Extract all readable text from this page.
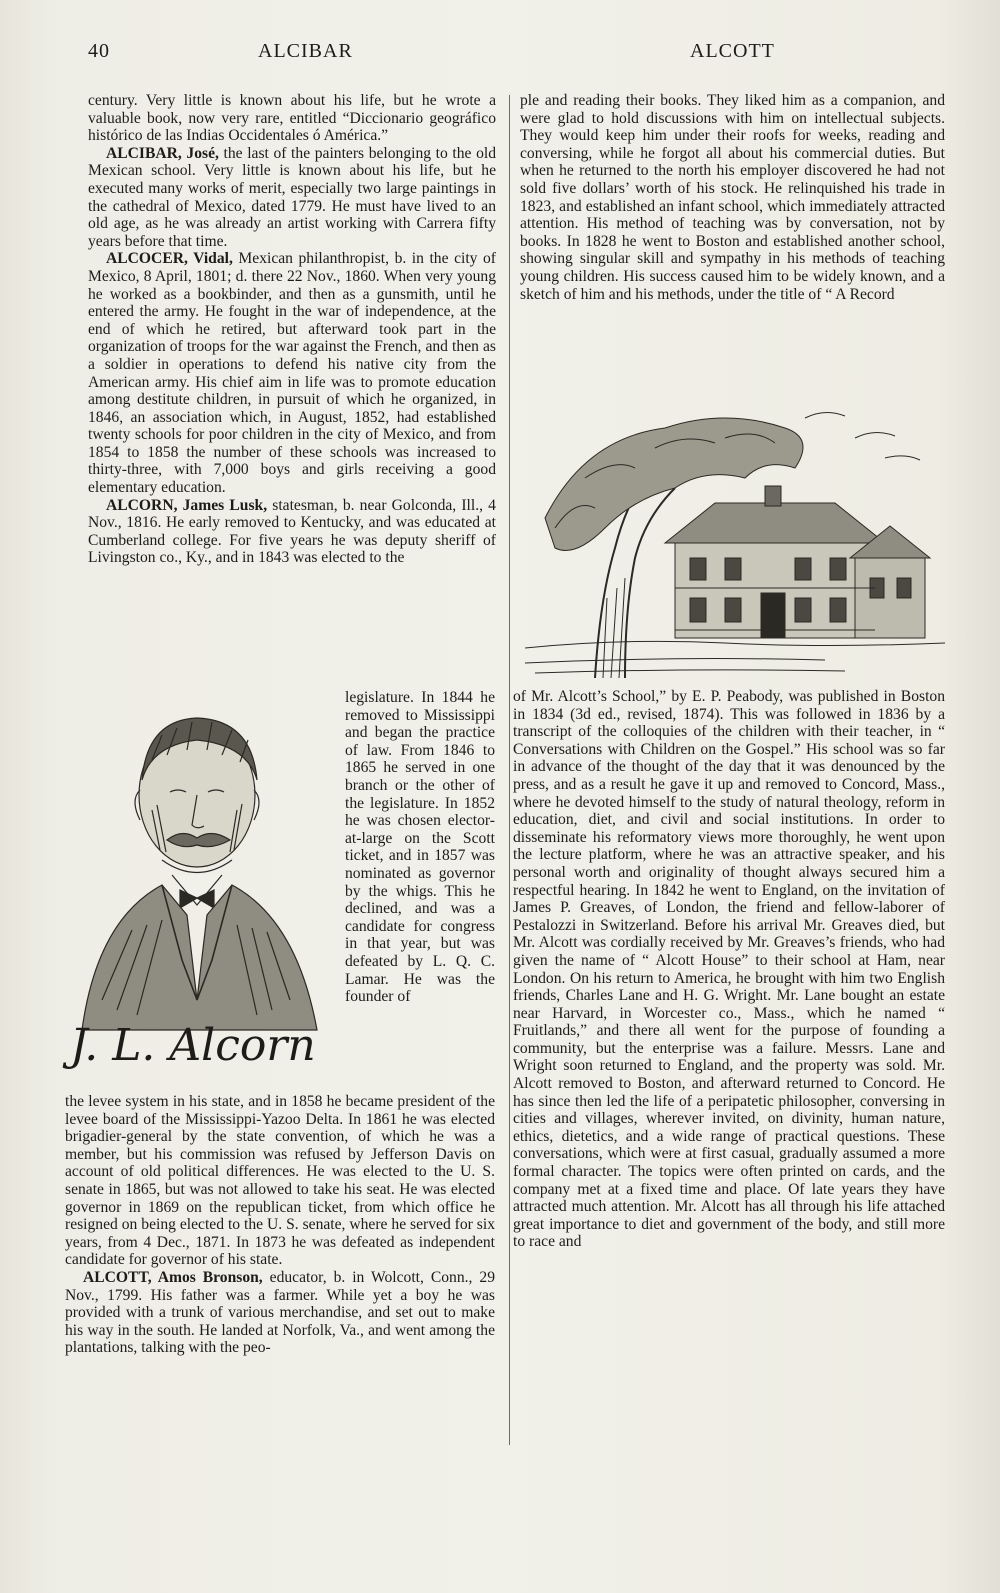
40	ALCIBAR	ALCOTT

century. Very little is known about his life, but he wrote a valuable book, now very rare, entitled “Diccionario geográfico histórico de las Indias Occidentales ó América.”

ALCIBAR, José, the last of the painters belonging to the old Mexican school. Very little is known about his life, but he executed many works of merit, especially two large paintings in the cathedral of Mexico, dated 1779. He must have lived to an old age, as he was already an artist working with Carrera fifty years before that time.

ALCOCER, Vidal, Mexican philanthropist, b. in the city of Mexico, 8 April, 1801; d. there 22 Nov., 1860. When very young he worked as a bookbinder, and then as a gunsmith, until he entered the army. He fought in the war of independence, at the end of which he retired, but afterward took part in the organization of troops for the war against the French, and then as a soldier in operations to defend his native city from the American army. His chief aim in life was to promote education among destitute children, in pursuit of which he organized, in 1846, an association which, in August, 1852, had established twenty schools for poor children in the city of Mexico, and from 1854 to 1858 the number of these schools was increased to thirty-three, with 7,000 boys and girls receiving a good elementary education.

ALCORN, James Lusk, statesman, b. near Golconda, Ill., 4 Nov., 1816. He early removed to Kentucky, and was educated at Cumberland college. For five years he was deputy sheriff of Livingston co., Ky., and in 1843 was elected to the

J. L. Alcorn
legislature. In 1844 he removed to Mississippi and began the practice of law. From 1846 to 1865 he served in one branch or the other of the legislature. In 1852 he was chosen elector-at-large on the Scott ticket, and in 1857 was nominated as governor by the whigs. This he declined, and was a candidate for congress in that year, but was defeated by L. Q. C. Lamar. He was the founder of

the levee system in his state, and in 1858 he became president of the levee board of the Mississippi-Yazoo Delta. In 1861 he was elected brigadier-general by the state convention, of which he was a member, but his commission was refused by Jefferson Davis on account of old political differences. He was elected to the U. S. senate in 1865, but was not allowed to take his seat. He was elected governor in 1869 on the republican ticket, from which office he resigned on being elected to the U. S. senate, where he served for six years, from 4 Dec., 1871. In 1873 he was defeated as independent candidate for governor of his state.

ALCOTT, Amos Bronson, educator, b. in Wolcott, Conn., 29 Nov., 1799. His father was a farmer. While yet a boy he was provided with a trunk of various merchandise, and set out to make his way in the south. He landed at Norfolk, Va., and went among the plantations, talking with the peo-

ple and reading their books. They liked him as a companion, and were glad to hold discussions with him on intellectual subjects. They would keep him under their roofs for weeks, reading and conversing, while he forgot all about his commercial duties. But when he returned to the north his employer discovered he had not sold five dollars’ worth of his stock. He relinquished his trade in 1823, and established an infant school, which immediately attracted attention. His method of teaching was by conversation, not by books. In 1828 he went to Boston and established another school, showing singular skill and sympathy in his methods of teaching young children. His success caused him to be widely known, and a sketch of him and his methods, under the title of “ A Record
of Mr. Alcott’s School,” by E. P. Peabody, was published in Boston in 1834 (3d ed., revised, 1874). This was followed in 1836 by a transcript of the colloquies of the children with their teacher, in “ Conversations with Children on the Gospel.” His school was so far in advance of the thought of the day that it was denounced by the press, and as a result he gave it up and removed to Concord, Mass., where he devoted himself to the study of natural theology, reform in education, diet, and civil and social institutions. In order to disseminate his reformatory views more thoroughly, he went upon the lecture platform, where he was an attractive speaker, and his personal worth and originality of thought always secured him a respectful hearing. In 1842 he went to England, on the invitation of James P. Greaves, of London, the friend and fellow-laborer of Pestalozzi in Switzerland. Before his arrival Mr. Greaves died, but Mr. Alcott was cordially received by Mr. Greaves’s friends, who had given the name of “ Alcott House” to their school at Ham, near London. On his return to America, he brought with him two English friends, Charles Lane and H. G. Wright. Mr. Lane bought an estate near Harvard, in Worcester co., Mass., which he named “ Fruitlands,” and there all went for the purpose of founding a community, but the enterprise was a failure. Messrs. Lane and Wright soon returned to England, and the property was sold. Mr. Alcott removed to Boston, and afterward returned to Concord. He has since then led the life of a peripatetic philosopher, conversing in cities and villages, wherever invited, on divinity, human nature, ethics, dietetics, and a wide range of practical questions. These conversations, which were at first casual, gradually assumed a more formal character. The topics were often printed on cards, and the company met at a fixed time and place. Of late years they have attracted much attention. Mr. Alcott has all through his life attached great importance to diet and government of the body, and still more to race and
